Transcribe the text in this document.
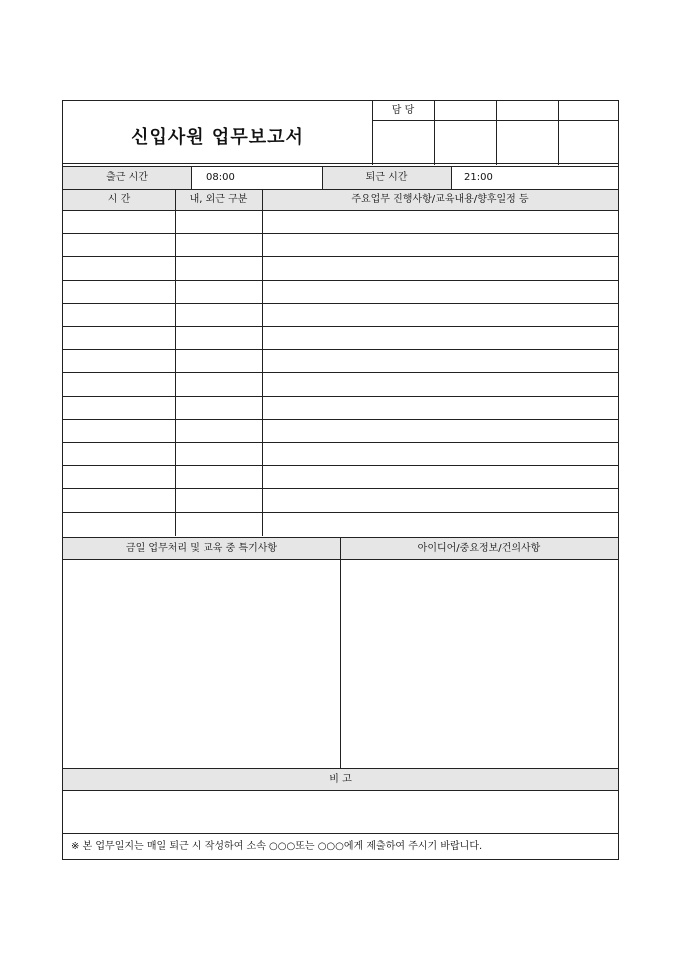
신입사원 업무보고서
담 당
출근 시간	08:00	퇴근 시간	21:00
시 간	내, 외근 구분	주요업무 진행사항/교육내용/향후일정 등
금일 업무처리 및 교육 중 특기사항	아이디어/중요정보/건의사항
비 고
※ 본 업무일지는 매일 퇴근 시 작성하여 소속 ○○○또는 ○○○에게 제출하여 주시기 바랍니다.
